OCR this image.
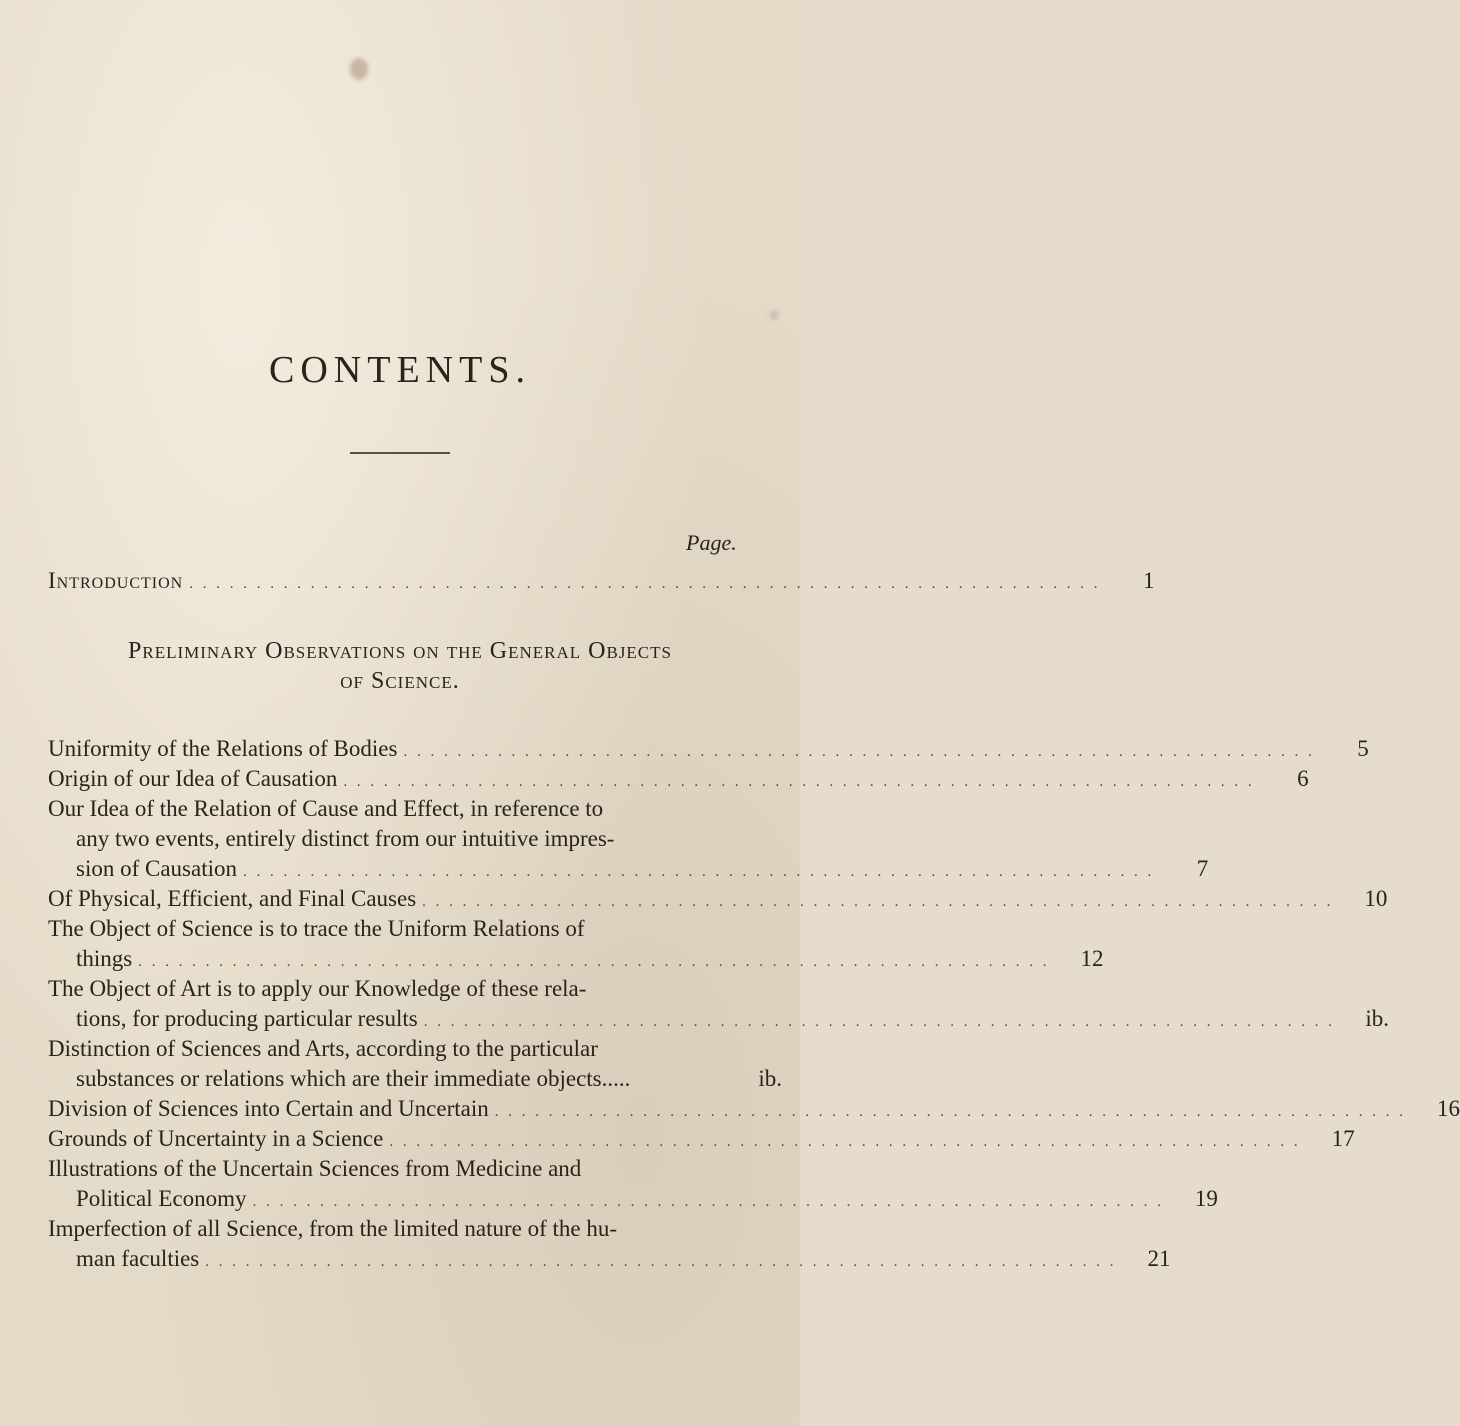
CONTENTS.

Page.

Introduction . . . . . . . . . . . . . . . . . . . . . . . . . . . . . . . . . . . . . . . . . . . . . . . . . . . . . . . . . . . . . . . . . . . .	1

Preliminary Observations on the General Objects

of Science.

Uniformity of the Relations of Bodies . . . . . . . . . . . . . . . . . . . . . . . . . . . . . . . . . . . . . . . . . . . . . . . . . . . . . . . . . . . . . . . . . . . .	5
Origin of our Idea of Causation . . . . . . . . . . . . . . . . . . . . . . . . . . . . . . . . . . . . . . . . . . . . . . . . . . . . . . . . . . . . . . . . . . . .	6
Our Idea of the Relation of Cause and Effect, in reference to
any two events, entirely distinct from our intuitive impres-
sion of Causation . . . . . . . . . . . . . . . . . . . . . . . . . . . . . . . . . . . . . . . . . . . . . . . . . . . . . . . . . . . . . . . . . . . .	7
Of Physical, Efficient, and Final Causes . . . . . . . . . . . . . . . . . . . . . . . . . . . . . . . . . . . . . . . . . . . . . . . . . . . . . . . . . . . . . . . . . . . .	10
The Object of Science is to trace the Uniform Relations of
things . . . . . . . . . . . . . . . . . . . . . . . . . . . . . . . . . . . . . . . . . . . . . . . . . . . . . . . . . . . . . . . . . . . .	12
The Object of Art is to apply our Knowledge of these rela-
tions, for producing particular results . . . . . . . . . . . . . . . . . . . . . . . . . . . . . . . . . . . . . . . . . . . . . . . . . . . . . . . . . . . . . . . . . . . .	ib.
Distinction of Sciences and Arts, according to the particular
substances or relations which are their immediate objects.....	ib.
Division of Sciences into Certain and Uncertain . . . . . . . . . . . . . . . . . . . . . . . . . . . . . . . . . . . . . . . . . . . . . . . . . . . . . . . . . . . . . . . . . . . .	16
Grounds of Uncertainty in a Science . . . . . . . . . . . . . . . . . . . . . . . . . . . . . . . . . . . . . . . . . . . . . . . . . . . . . . . . . . . . . . . . . . . .	17
Illustrations of the Uncertain Sciences from Medicine and
Political Economy . . . . . . . . . . . . . . . . . . . . . . . . . . . . . . . . . . . . . . . . . . . . . . . . . . . . . . . . . . . . . . . . . . . .	19
Imperfection of all Science, from the limited nature of the hu-
man faculties . . . . . . . . . . . . . . . . . . . . . . . . . . . . . . . . . . . . . . . . . . . . . . . . . . . . . . . . . . . . . . . . . . . .	21
